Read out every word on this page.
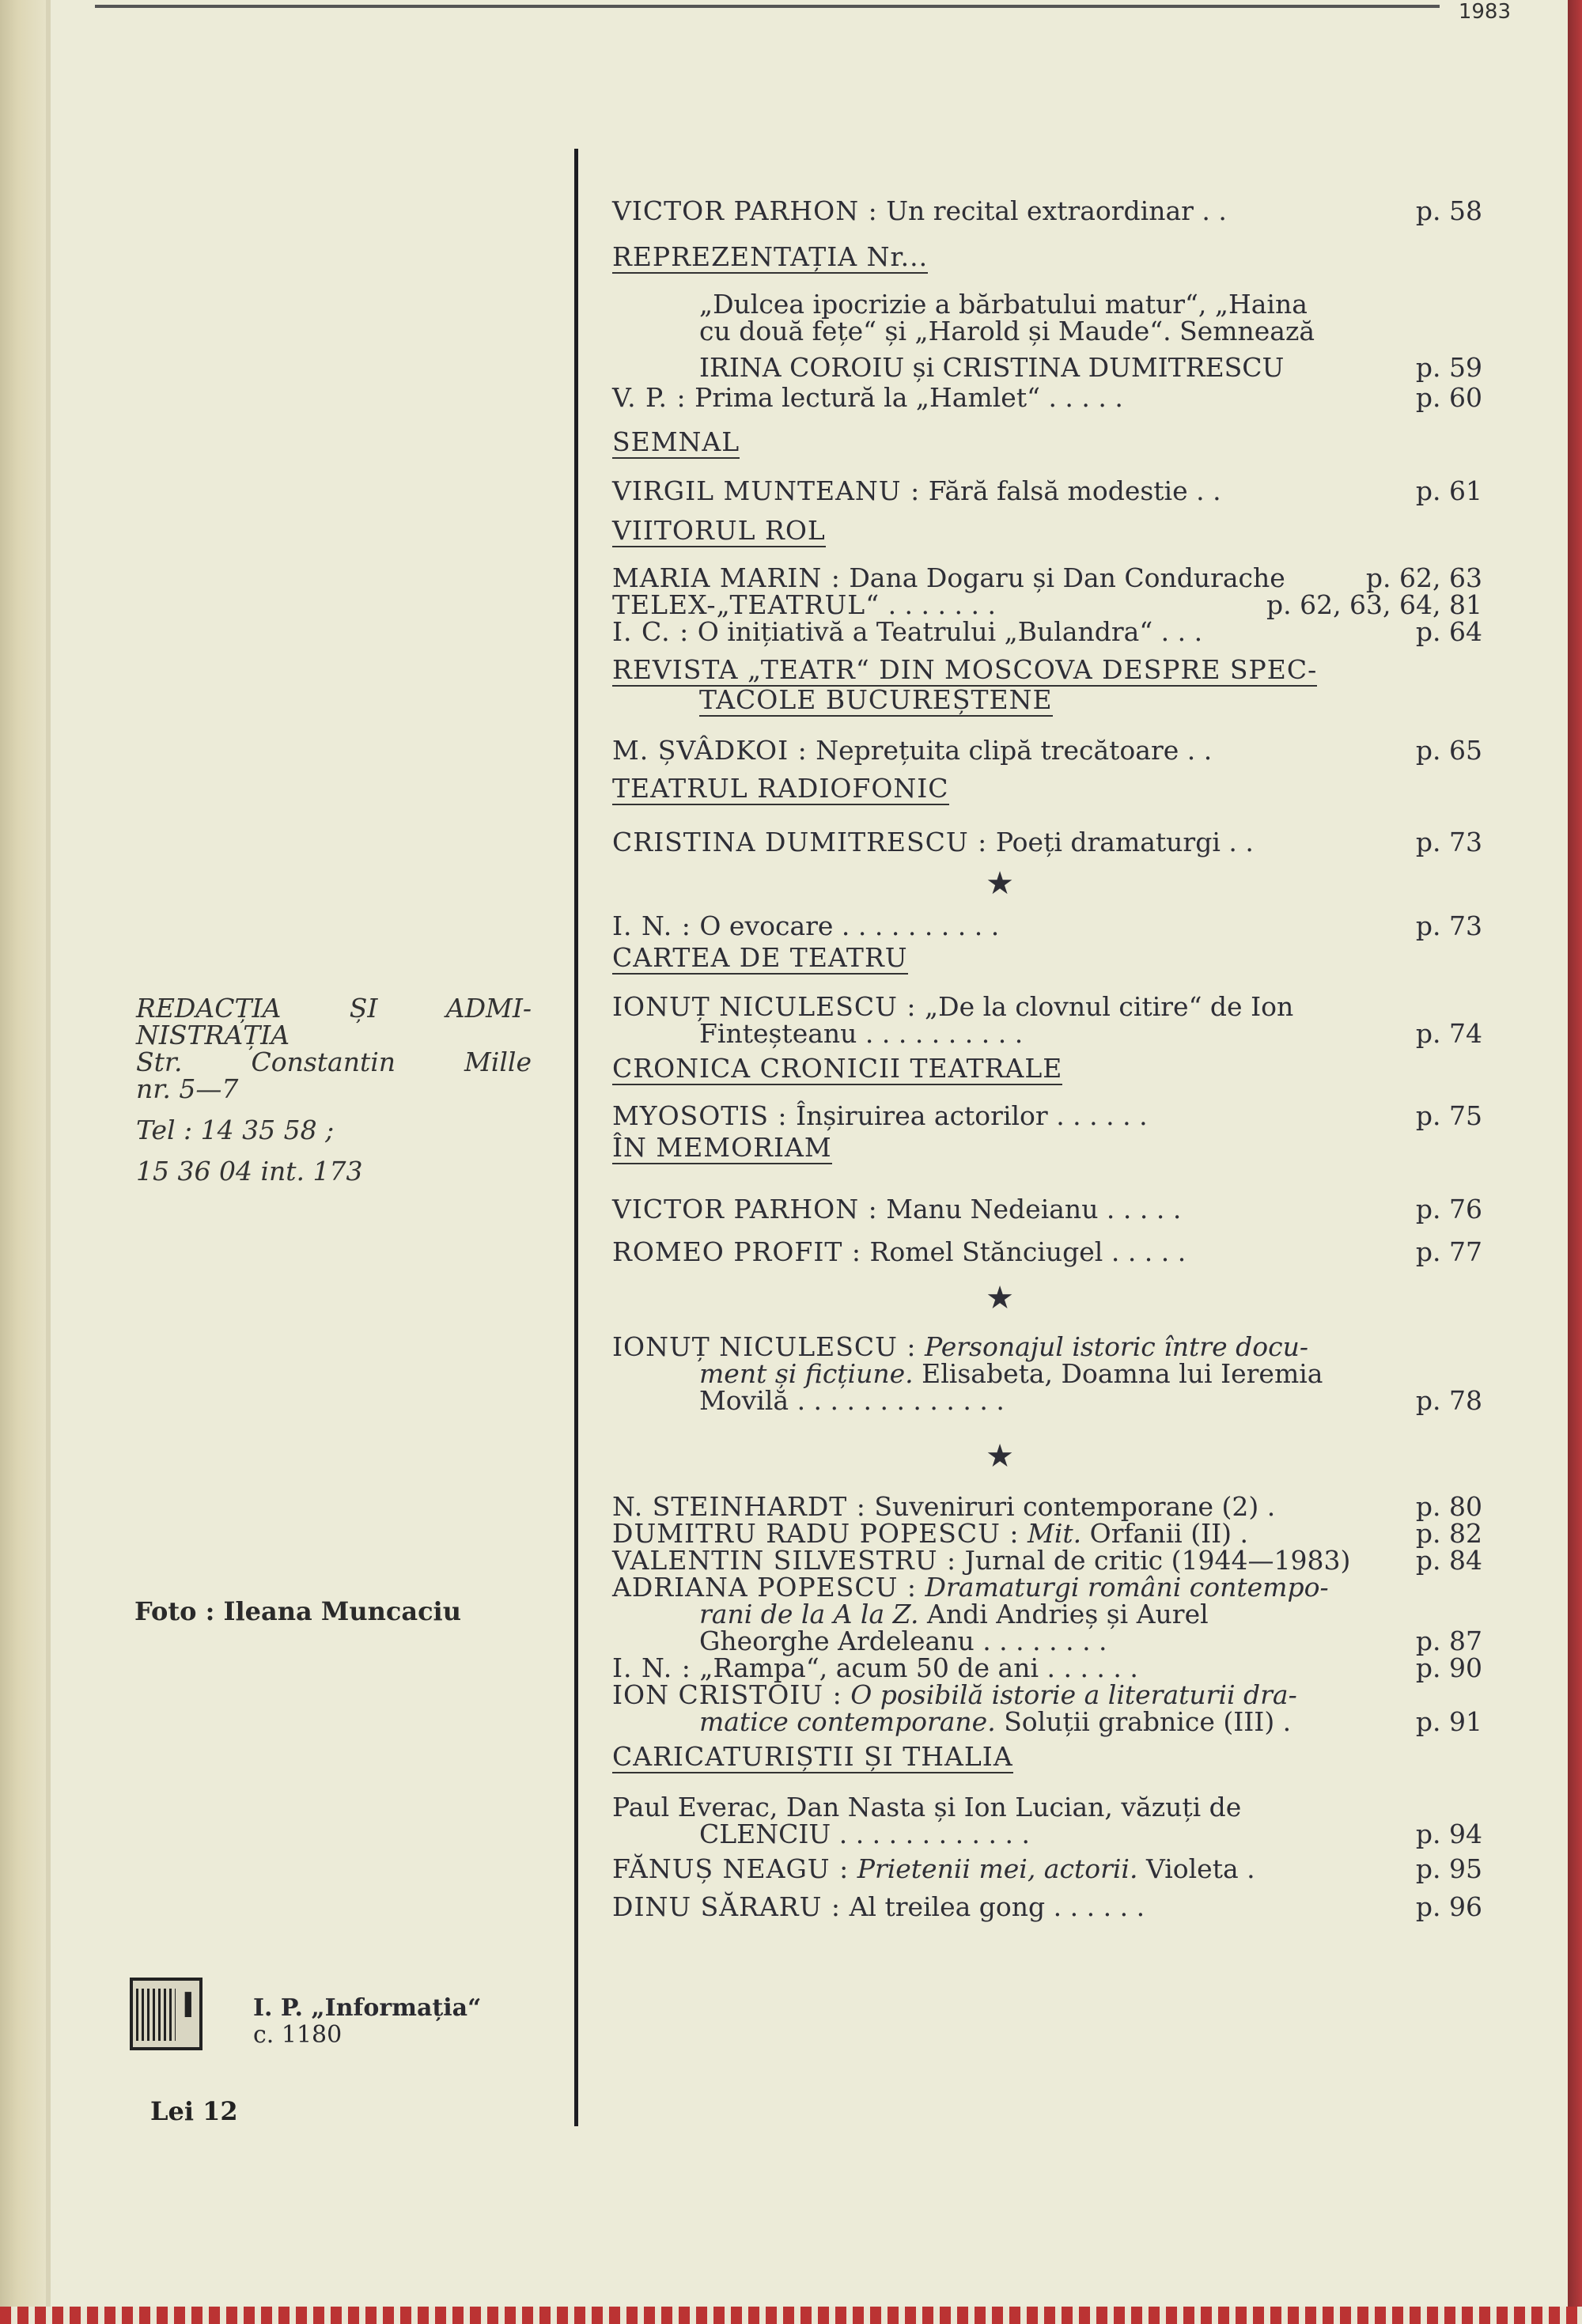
1983
REDACȚIA	ȘI	ADMI-

NISTRAȚIA

Str.	Constantin	Mille

nr. 5—7

Tel : 14 35 58 ;

15 36 04 int. 173

Foto : Ileana Muncaciu
I I. P. „Informația“
c. 1180
Lei 12
VICTOR PARHON : Un recital extraordinar . .	p. 58
REPREZENTAȚIA Nr...
„Dulcea ipocrizie a bărbatului matur“, „Haina
cu două fețe“ și „Harold și Maude“. Semnează
IRINA COROIU și CRISTINA DUMITRESCU	p. 59
V. P. : Prima lectură la „Hamlet“ . . . . .	p. 60
SEMNAL
VIRGIL MUNTEANU : Fără falsă modestie . .	p. 61
VIITORUL ROL
MARIA MARIN : Dana Dogaru și Dan Condurache	p. 62, 63
TELEX-„TEATRUL“ . . . . . . .	p. 62, 63, 64, 81
I. C. : O inițiativă a Teatrului „Bulandra“ . . .	p. 64
REVISTA „TEATR“ DIN MOSCOVA DESPRE SPEC-
TACOLE BUCUREȘTENE
M. ȘVÂDKOI : Neprețuita clipă trecătoare . .	p. 65
TEATRUL RADIOFONIC
CRISTINA DUMITRESCU : Poeți dramaturgi . .	p. 73
★
I. N. : O evocare . . . . . . . . . .	p. 73
CARTEA DE TEATRU
IONUȚ NICULESCU : „De la clovnul citire“ de Ion
Finteșteanu . . . . . . . . . .	p. 74
CRONICA CRONICII TEATRALE
MYOSOTIS : Înșiruirea actorilor . . . . . .	p. 75
ÎN MEMORIAM
VICTOR PARHON : Manu Nedeianu . . . . .	p. 76
ROMEO PROFIT : Romel Stănciugel . . . . .	p. 77
★
IONUȚ NICULESCU : Personajul istoric între docu-
ment și ficțiune. Elisabeta, Doamna lui Ieremia
Movilă . . . . . . . . . . . . .	p. 78
★
N. STEINHARDT : Suveniruri contemporane (2) .	p. 80
DUMITRU RADU POPESCU : Mit. Orfanii (II) .	p. 82
VALENTIN SILVESTRU : Jurnal de critic (1944—1983)	p. 84
ADRIANA POPESCU : Dramaturgi români contempo-
rani de la A la Z. Andi Andrieș și Aurel
Gheorghe Ardeleanu . . . . . . . .	p. 87
I. N. : „Rampa“, acum 50 de ani . . . . . .	p. 90
ION CRISTOIU : O posibilă istorie a literaturii dra-
matice contemporane. Soluții grabnice (III) .	p. 91
CARICATURIȘTII ȘI THALIA
Paul Everac, Dan Nasta și Ion Lucian, văzuți de
CLENCIU . . . . . . . . . . . .	p. 94
FĂNUȘ NEAGU : Prietenii mei, actorii. Violeta .	p. 95
DINU SĂRARU : Al treilea gong . . . . . .	p. 96
